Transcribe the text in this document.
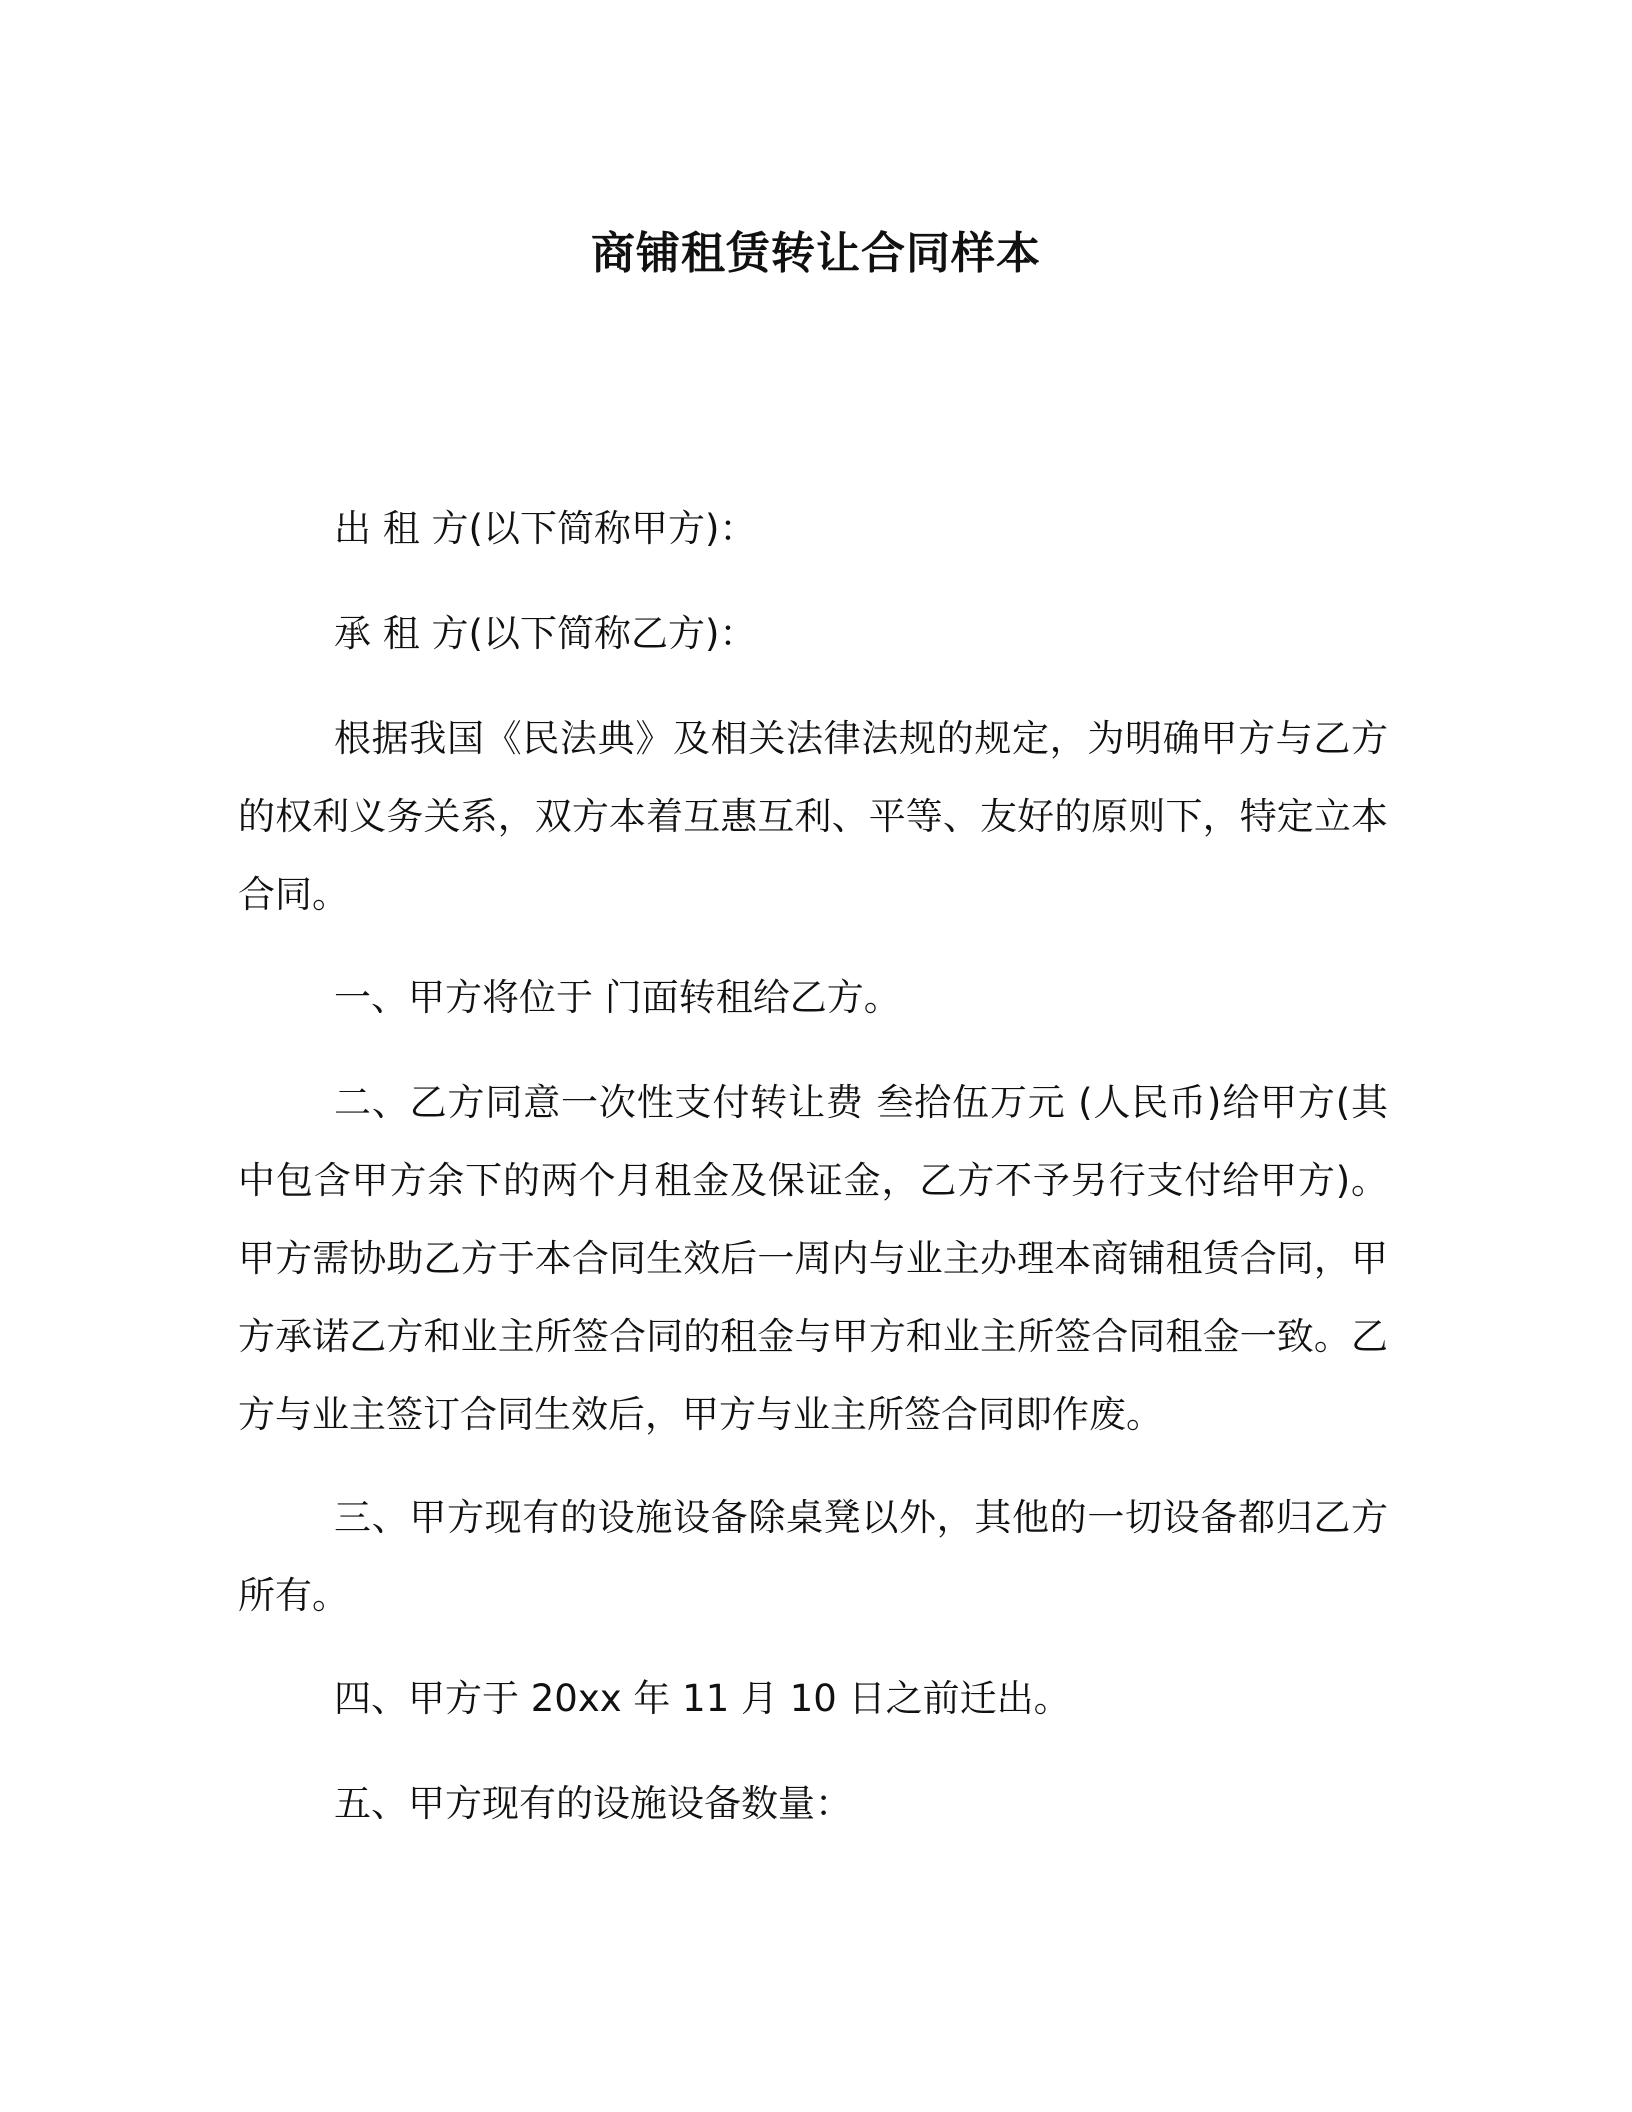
商铺租赁转让合同样本

出 租 方(以下简称甲方)：

承 租 方(以下简称乙方)：

根据我国《民法典》及相关法律法规的规定，为明确甲方与乙方的权利义务关系，双方本着互惠互利、平等、友好的原则下，特定立本合同。

一、甲方将位于 门面转租给乙方。

二、乙方同意一次性支付转让费 叁拾伍万元 (人民币)给甲方(其中包含甲方余下的两个月租金及保证金，乙方不予另行支付给甲方)。甲方需协助乙方于本合同生效后一周内与业主办理本商铺租赁合同，甲方承诺乙方和业主所签合同的租金与甲方和业主所签合同租金一致。乙方与业主签订合同生效后，甲方与业主所签合同即作废。

三、甲方现有的设施设备除桌凳以外，其他的一切设备都归乙方所有。

四、甲方于 20xx 年 11 月 10 日之前迁出。

五、甲方现有的设施设备数量：
